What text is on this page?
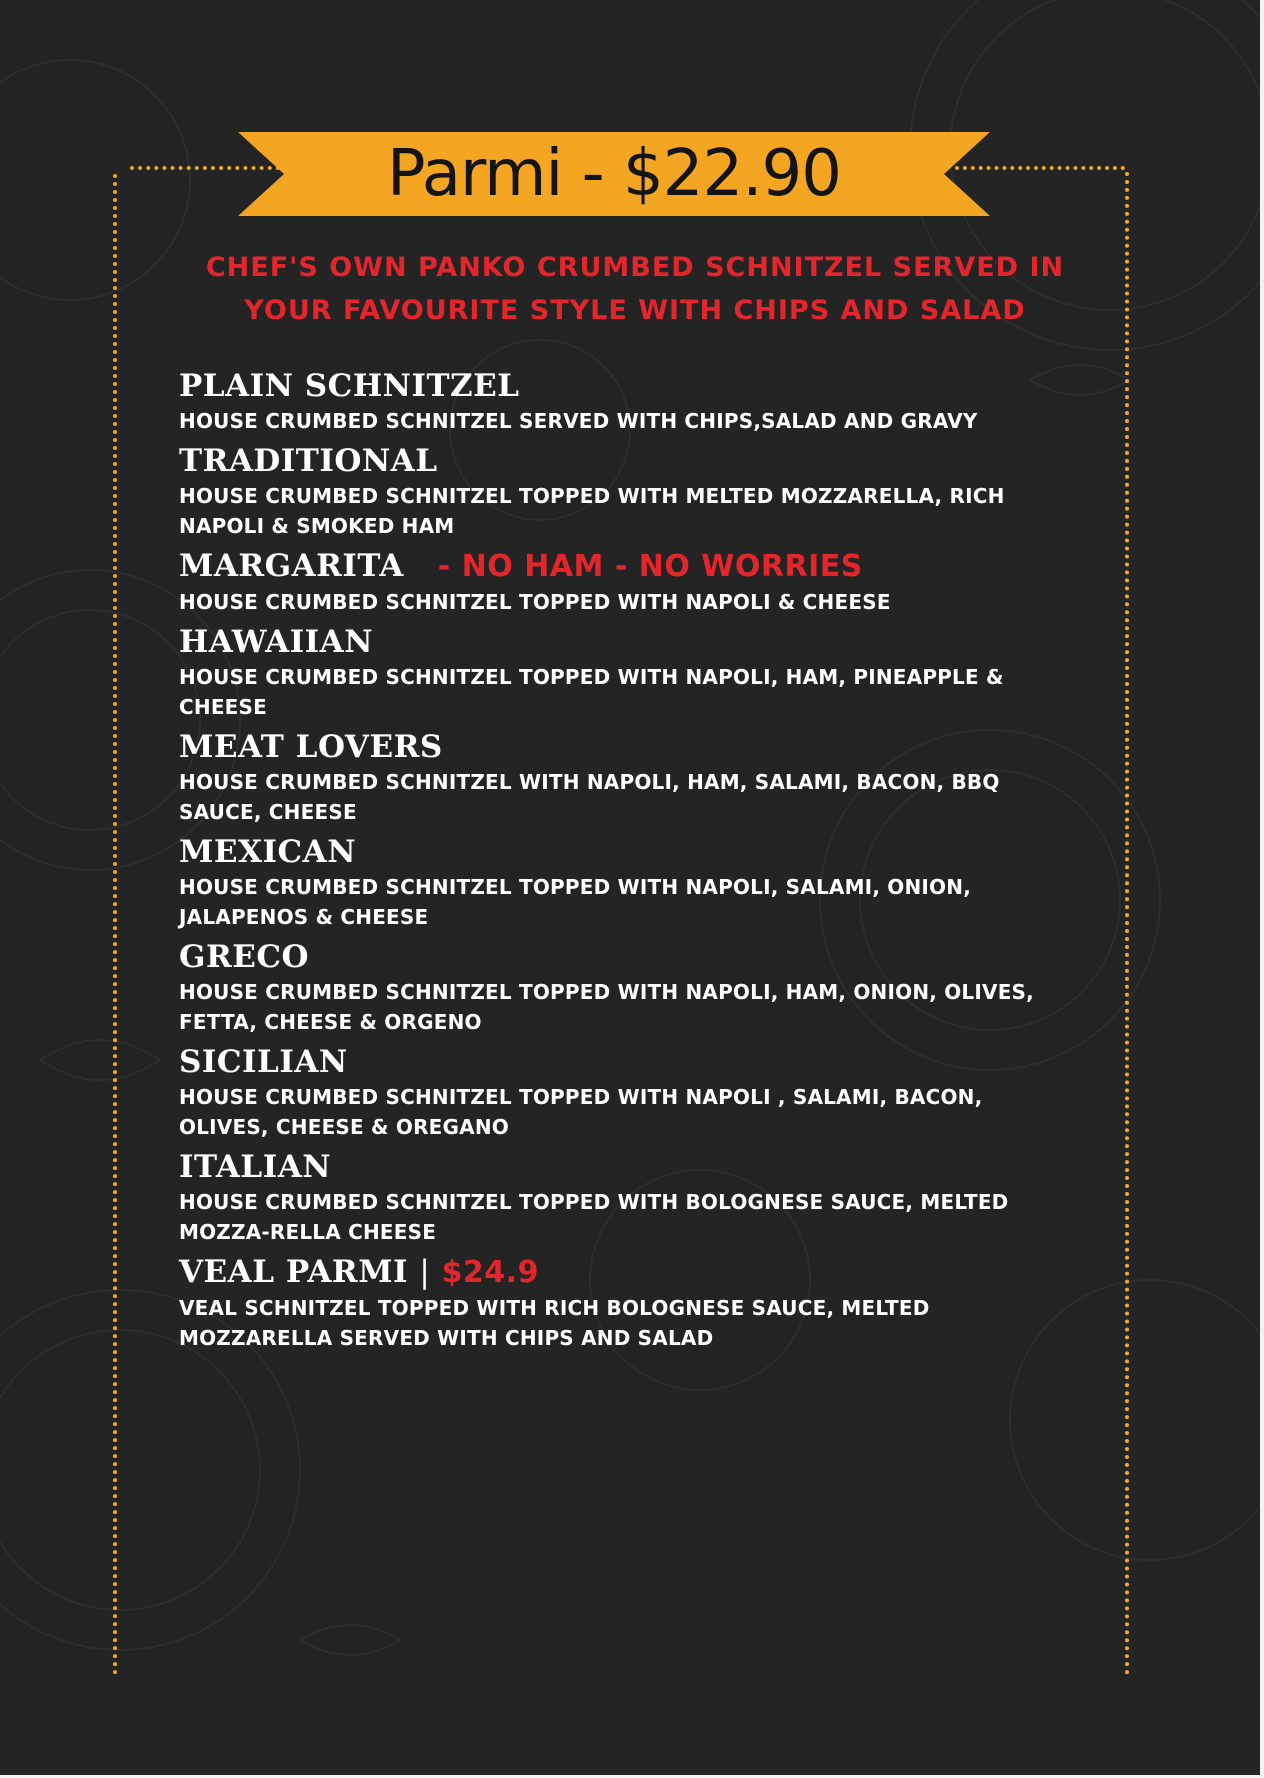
Parmi - $22.90
CHEF'S OWN PANKO CRUMBED SCHNITZEL SERVED IN
YOUR FAVOURITE STYLE WITH CHIPS AND SALAD
PLAIN SCHNITZEL
HOUSE CRUMBED SCHNITZEL SERVED WITH CHIPS,SALAD AND GRAVY
TRADITIONAL
HOUSE CRUMBED SCHNITZEL TOPPED WITH MELTED MOZZARELLA, RICH NAPOLI & SMOKED HAM
MARGARITA - NO HAM - NO WORRIES
HOUSE CRUMBED SCHNITZEL TOPPED WITH NAPOLI & CHEESE
HAWAIIAN
HOUSE CRUMBED SCHNITZEL TOPPED WITH NAPOLI, HAM, PINEAPPLE & CHEESE
MEAT LOVERS
HOUSE CRUMBED SCHNITZEL WITH NAPOLI, HAM, SALAMI, BACON, BBQ SAUCE, CHEESE
MEXICAN
HOUSE CRUMBED SCHNITZEL TOPPED WITH NAPOLI, SALAMI, ONION, JALAPENOS & CHEESE
GRECO
HOUSE CRUMBED SCHNITZEL TOPPED WITH NAPOLI, HAM, ONION, OLIVES, FETTA, CHEESE & ORGENO
SICILIAN
HOUSE CRUMBED SCHNITZEL TOPPED WITH NAPOLI , SALAMI, BACON, OLIVES, CHEESE & OREGANO
ITALIAN
HOUSE CRUMBED SCHNITZEL TOPPED WITH BOLOGNESE SAUCE, MELTED MOZZA-RELLA CHEESE
VEAL PARMI | $24.9
VEAL SCHNITZEL TOPPED WITH RICH BOLOGNESE SAUCE, MELTED MOZZARELLA SERVED WITH CHIPS AND SALAD
